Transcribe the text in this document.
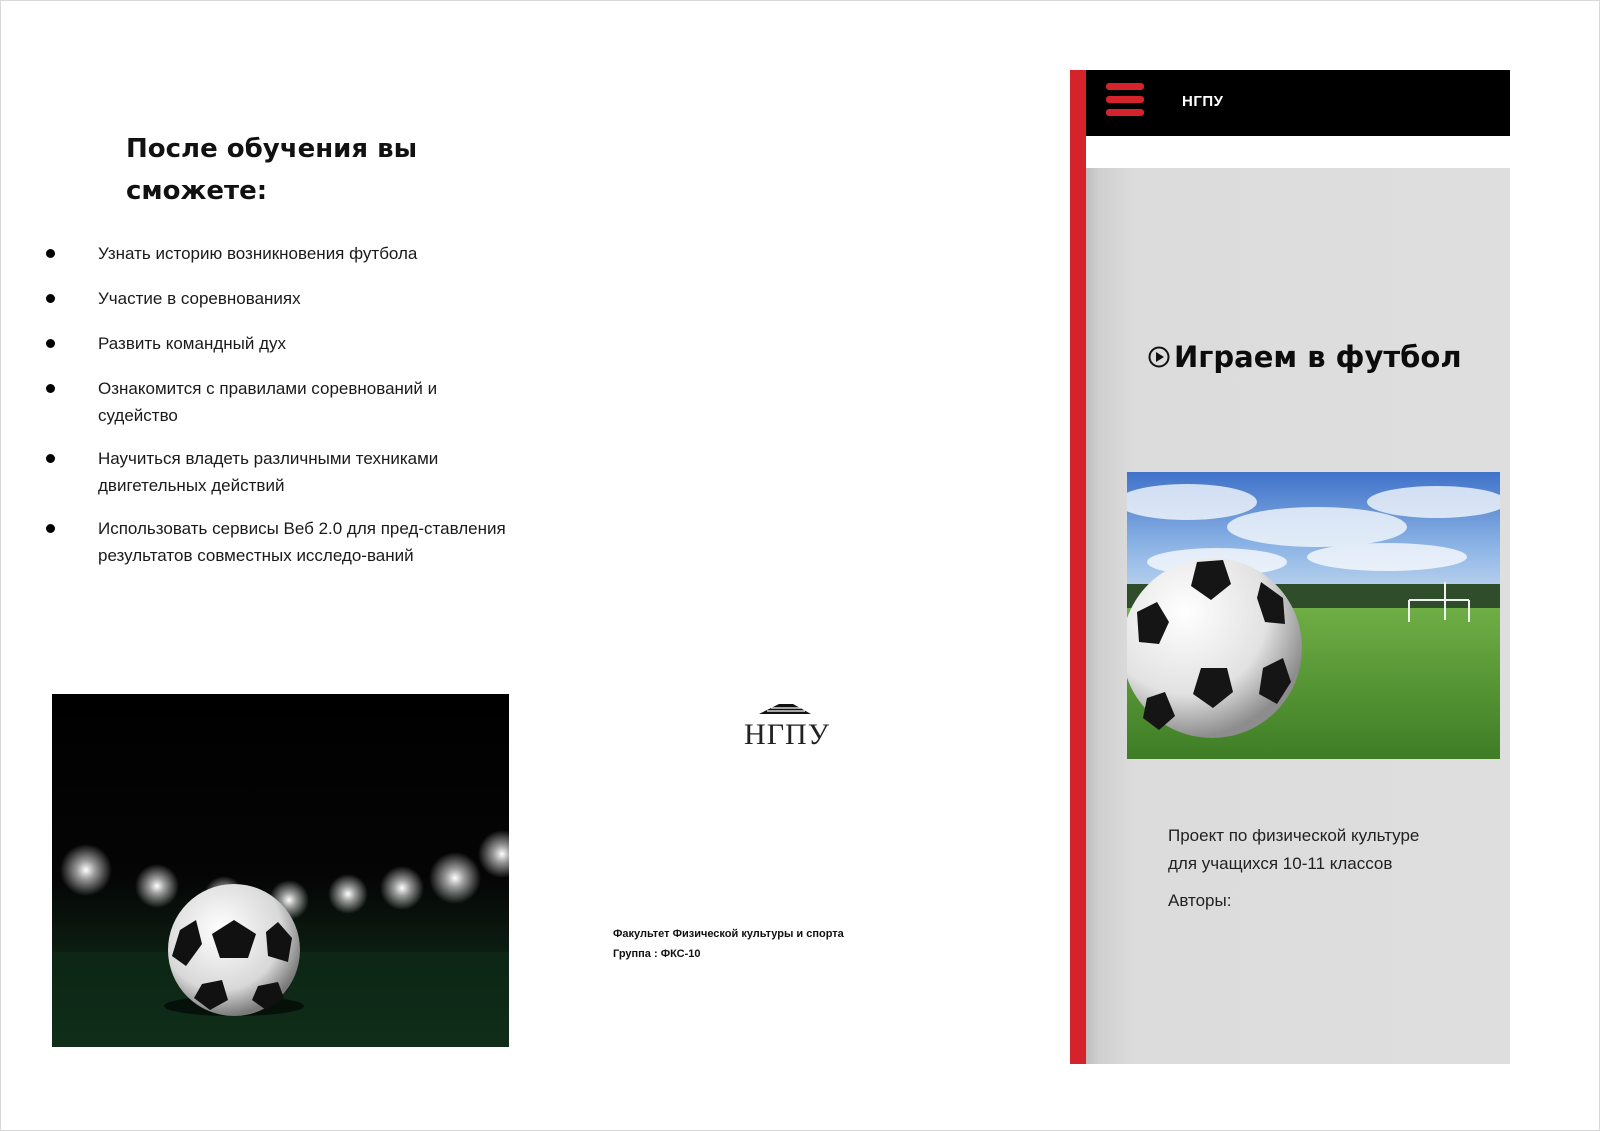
После обучения вы сможете:
Узнать историю возникновения футбола
Участие в соревнованиях
Развить командный дух
Ознакомится с правилами соревнований и судейство
Научиться владеть различными техниками двигетельных действий
Использовать сервисы Веб 2.0 для пред-ставления результатов совместных исследо-ваний
НГПУ
Факультет Физической культуры и спорта
Группа : ФКС-10
НГПУ
Играем в футбол
Проект по физической культуре
для учащихся 10-11 классов
Авторы:
